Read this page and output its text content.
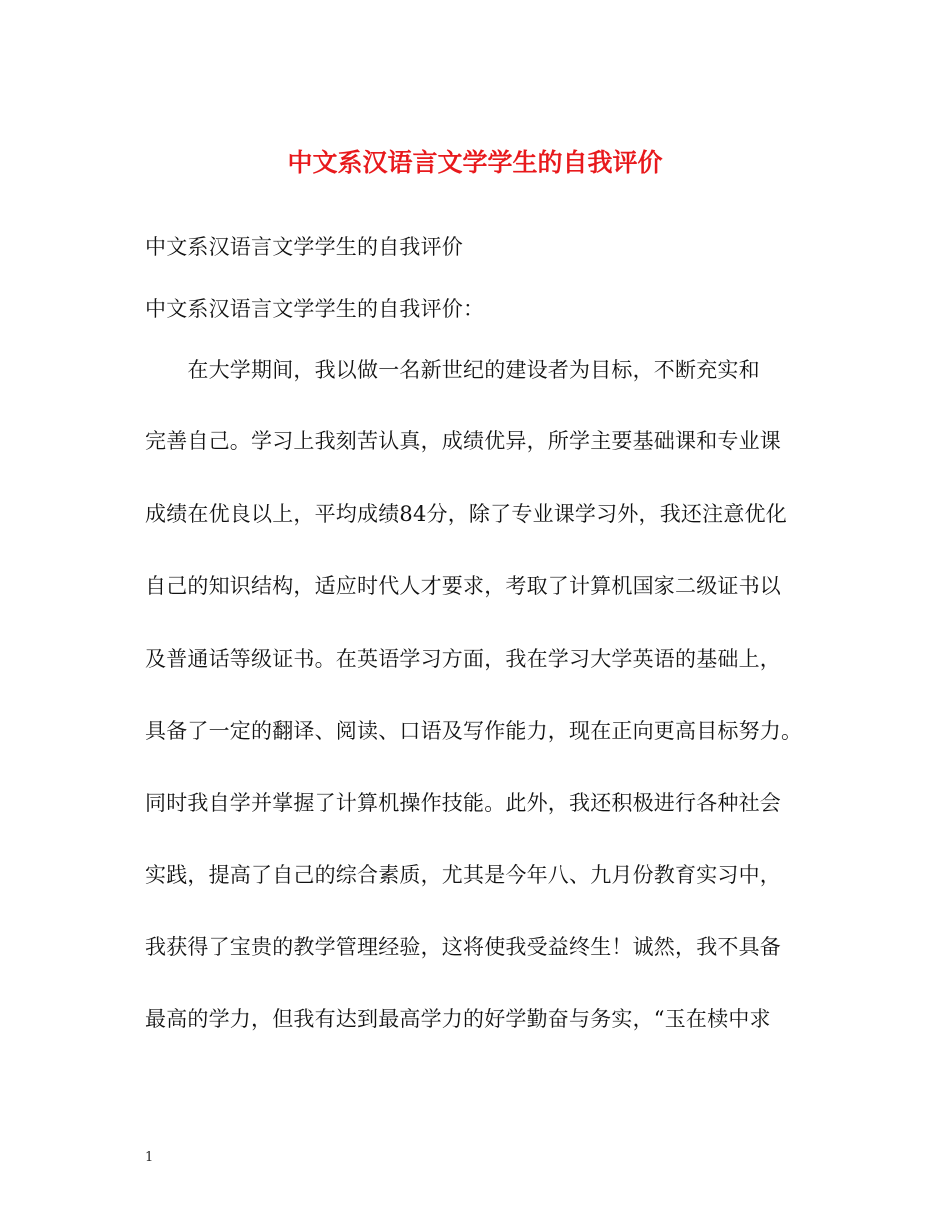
中文系汉语言文学学生的自我评价
中文系汉语言文学学生的自我评价
中文系汉语言文学学生的自我评价：
　　在大学期间，我以做一名新世纪的建设者为目标，不断充实和
完善自己。学习上我刻苦认真，成绩优异，所学主要基础课和专业课
成绩在优良以上，平均成绩84分，除了专业课学习外，我还注意优化
自己的知识结构，适应时代人才要求，考取了计算机国家二级证书以
及普通话等级证书。在英语学习方面，我在学习大学英语的基础上，
具备了一定的翻译、阅读、口语及写作能力，现在正向更高目标努力。
同时我自学并掌握了计算机操作技能。此外，我还积极进行各种社会
实践，提高了自己的综合素质，尤其是今年八、九月份教育实习中，
我获得了宝贵的教学管理经验，这将使我受益终生！诚然，我不具备
最高的学力，但我有达到最高学力的好学勤奋与务实，“玉在椟中求
1
